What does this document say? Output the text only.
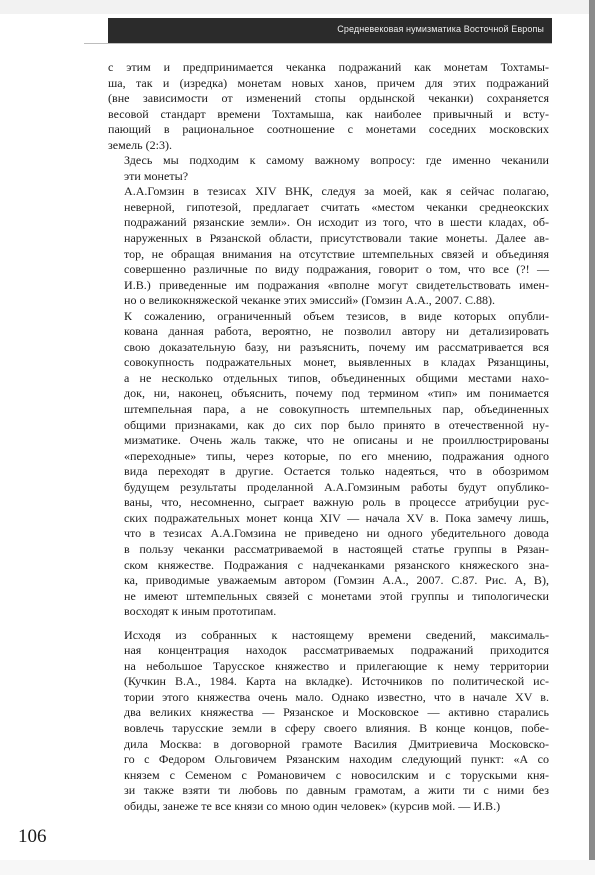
Средневековая нумизматика Восточной Европы

с этим и предпринимается чеканка подражаний как монетам Тохтамы-
ша, так и (изредка) монетам новых ханов, причем для этих подражаний
(вне зависимости от изменений стопы ордынской чеканки) сохраняется
весовой стандарт времени Тохтамыша, как наиболее привычный и всту-
пающий в рациональное соотношение с монетами соседних московских
земель (2:3).

Здесь мы подходим к самому важному вопросу: где именно чеканили
эти монеты?

А.А.Гомзин в тезисах XIV ВНК, следуя за моей, как я сейчас полагаю,
неверной, гипотезой, предлагает считать «местом чеканки среднеокских
подражаний рязанские земли». Он исходит из того, что в шести кладах, об-
наруженных в Рязанской области, присутствовали такие монеты. Далее ав-
тор, не обращая внимания на отсутствие штемпельных связей и объединяя
совершенно различные по виду подражания, говорит о том, что все (?! —
И.В.) приведенные им подражания «вполне могут свидетельствовать имен-
но о великокняжеской чеканке этих эмиссий» (Гомзин А.А., 2007. С.88).

К сожалению, ограниченный объем тезисов, в виде которых опубли-
кована данная работа, вероятно, не позволил автору ни детализировать
свою доказательную базу, ни разъяснить, почему им рассматривается вся
совокупность подражательных монет, выявленных в кладах Рязанщины,
а не несколько отдельных типов, объединенных общими местами нахо-
док, ни, наконец, объяснить, почему под термином «тип» им понимается
штемпельная пара, а не совокупность штемпельных пар, объединенных
общими признаками, как до сих пор было принято в отечественной ну-
мизматике. Очень жаль также, что не описаны и не проиллюстрированы
«переходные» типы, через которые, по его мнению, подражания одного
вида переходят в другие. Остается только надеяться, что в обозримом
будущем результаты проделанной А.А.Гомзиным работы будут опублико-
ваны, что, несомненно, сыграет важную роль в процессе атрибуции рус-
ских подражательных монет конца XIV — начала XV в. Пока замечу лишь,
что в тезисах А.А.Гомзина не приведено ни одного убедительного довода
в пользу чеканки рассматриваемой в настоящей статье группы в Рязан-
ском княжестве. Подражания с надчеканками рязанского княжеского зна-
ка, приводимые уважаемым автором (Гомзин А.А., 2007. С.87. Рис. А, В),
не имеют штемпельных связей с монетами этой группы и типологически
восходят к иным прототипам.

Исходя из собранных к настоящему времени сведений, максималь-
ная концентрация находок рассматриваемых подражаний приходится
на небольшое Тарусское княжество и прилегающие к нему территории
(Кучкин В.А., 1984. Карта на вкладке). Источников по политической ис-
тории этого княжества очень мало. Однако известно, что в начале XV в.
два великих княжества — Рязанское и Московское — активно старались
вовлечь тарусские земли в сферу своего влияния. В конце концов, побе-
дила Москва: в договорной грамоте Василия Дмитриевича Московско-
го с Федором Ольговичем Рязанским находим следующий пункт: «А со
князем с Семеном с Романовичем с новосилским и с торускыми кня-
зи также взяти ти любовь по давным грамотам, а жити ти с ними без
обиды, занеже те все князи со мною один человек» (курсив мой. — И.В.)

106
